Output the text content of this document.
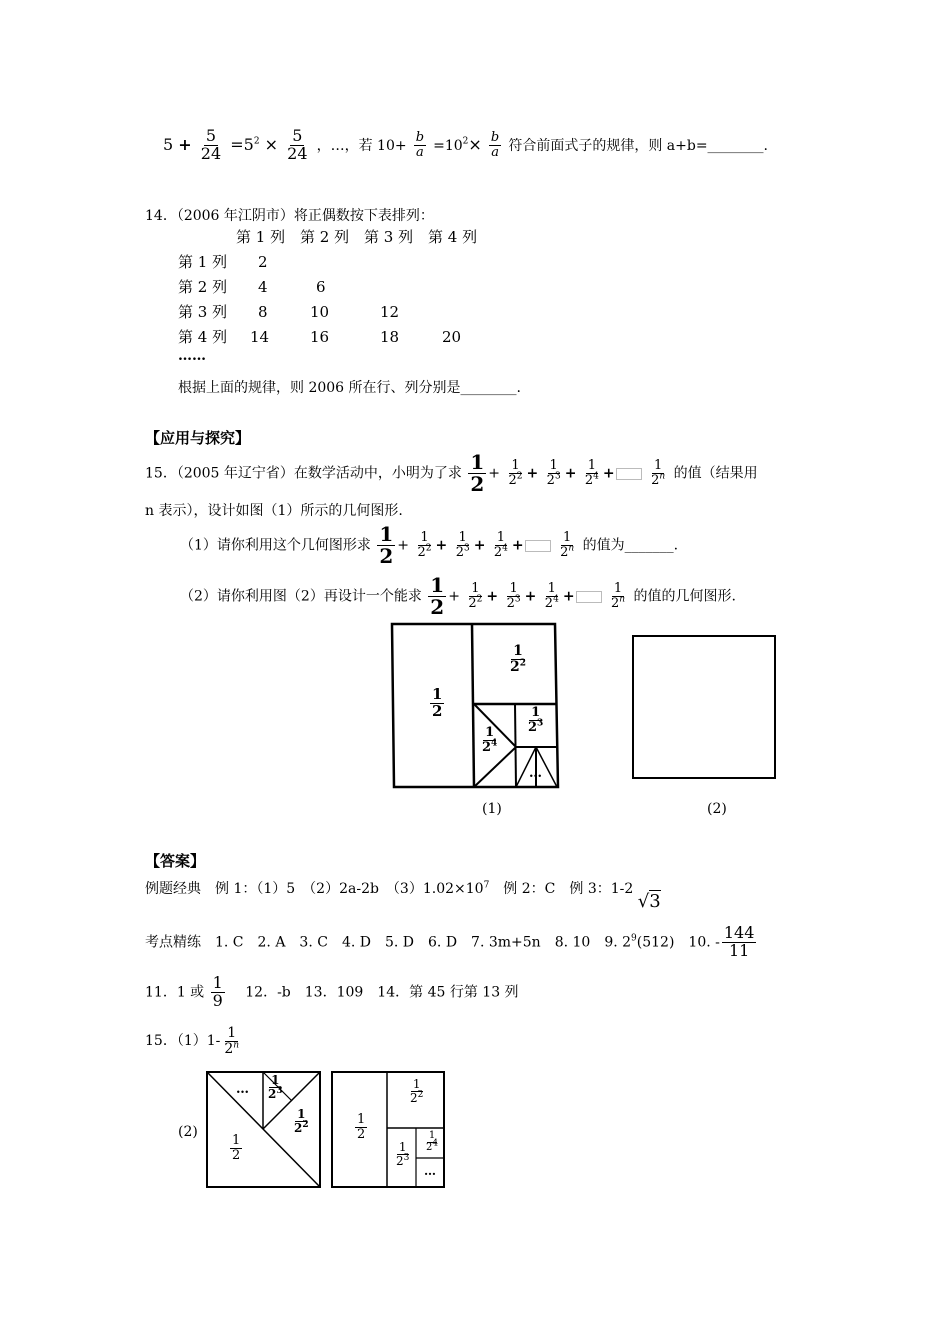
$5 + \frac{5}{24} =5^2 \times \frac{5}{24}$ ，…，若 $10+ \frac{b}{a} =10^2\times \frac{b}{a}$ 符合前面式子的规律，则 a+b=________.
14．（2006 年江阴市）将正偶数按下表排列：
	第 1 列	第 2 列	第 3 列	第 4 列
第 1 列	2			
第 2 列	4	6		
第 3 列	8	10	12	
第 4 列	14	16	18	20
……
根据上面的规律，则 2006 所在行、列分别是________.
【应用与探究】
15．（2005 年辽宁省）在数学活动中，小明为了求 $\frac{1}{2} + \frac{1}{2^2} + \frac{1}{2^3} + \frac{1}{2^4}$ +	$\frac{1}{2^n}$ 的值（结果用
n 表示），设计如图（1）所示的几何图形.
（1）请你利用这个几何图形求 $\frac{1}{2} + \frac{1}{2^2} + \frac{1}{2^3} + \frac{1}{2^4}$ +	$\frac{1}{2^n}$ 的值为_______.
（2）请你利用图（2）再设计一个能求 $\frac{1}{2} + \frac{1}{2^2} + \frac{1}{2^3} + \frac{1}{2^4}$ +	$\frac{1}{2^n}$ 的值的几何图形.
$\frac{1}{2}$
$\frac{1}{2^2}$
$\frac{1}{2^3}$
$\frac{1}{2^4}$
…
(1)	(2)
【答案】
例题经典　例 1：（1）5　（2）2a-2b　$(3)1.02\times 10^7$　例 2：C　例 3：1-2 √3
考点精练　1. C　2. A　3. C　4. D　5. D　6. D　7. 3m+5n　8. 10　9. $2^9(512)$　10. - $\frac{144}{11}$
11．1 或 $\frac{1}{9}$ 　12．-b　13．109　14．第 45 行第 13 列
15．$(1)1- \frac{1}{2^n}$
(2)
… $\frac{1}{2^3}$
$\frac{1}{2^2}$
$\frac{1}{2}$
$\frac{1}{2}$
$\frac{1}{2^2}$
$\frac{1}{2^3} \frac{1}{2^4}$
…
